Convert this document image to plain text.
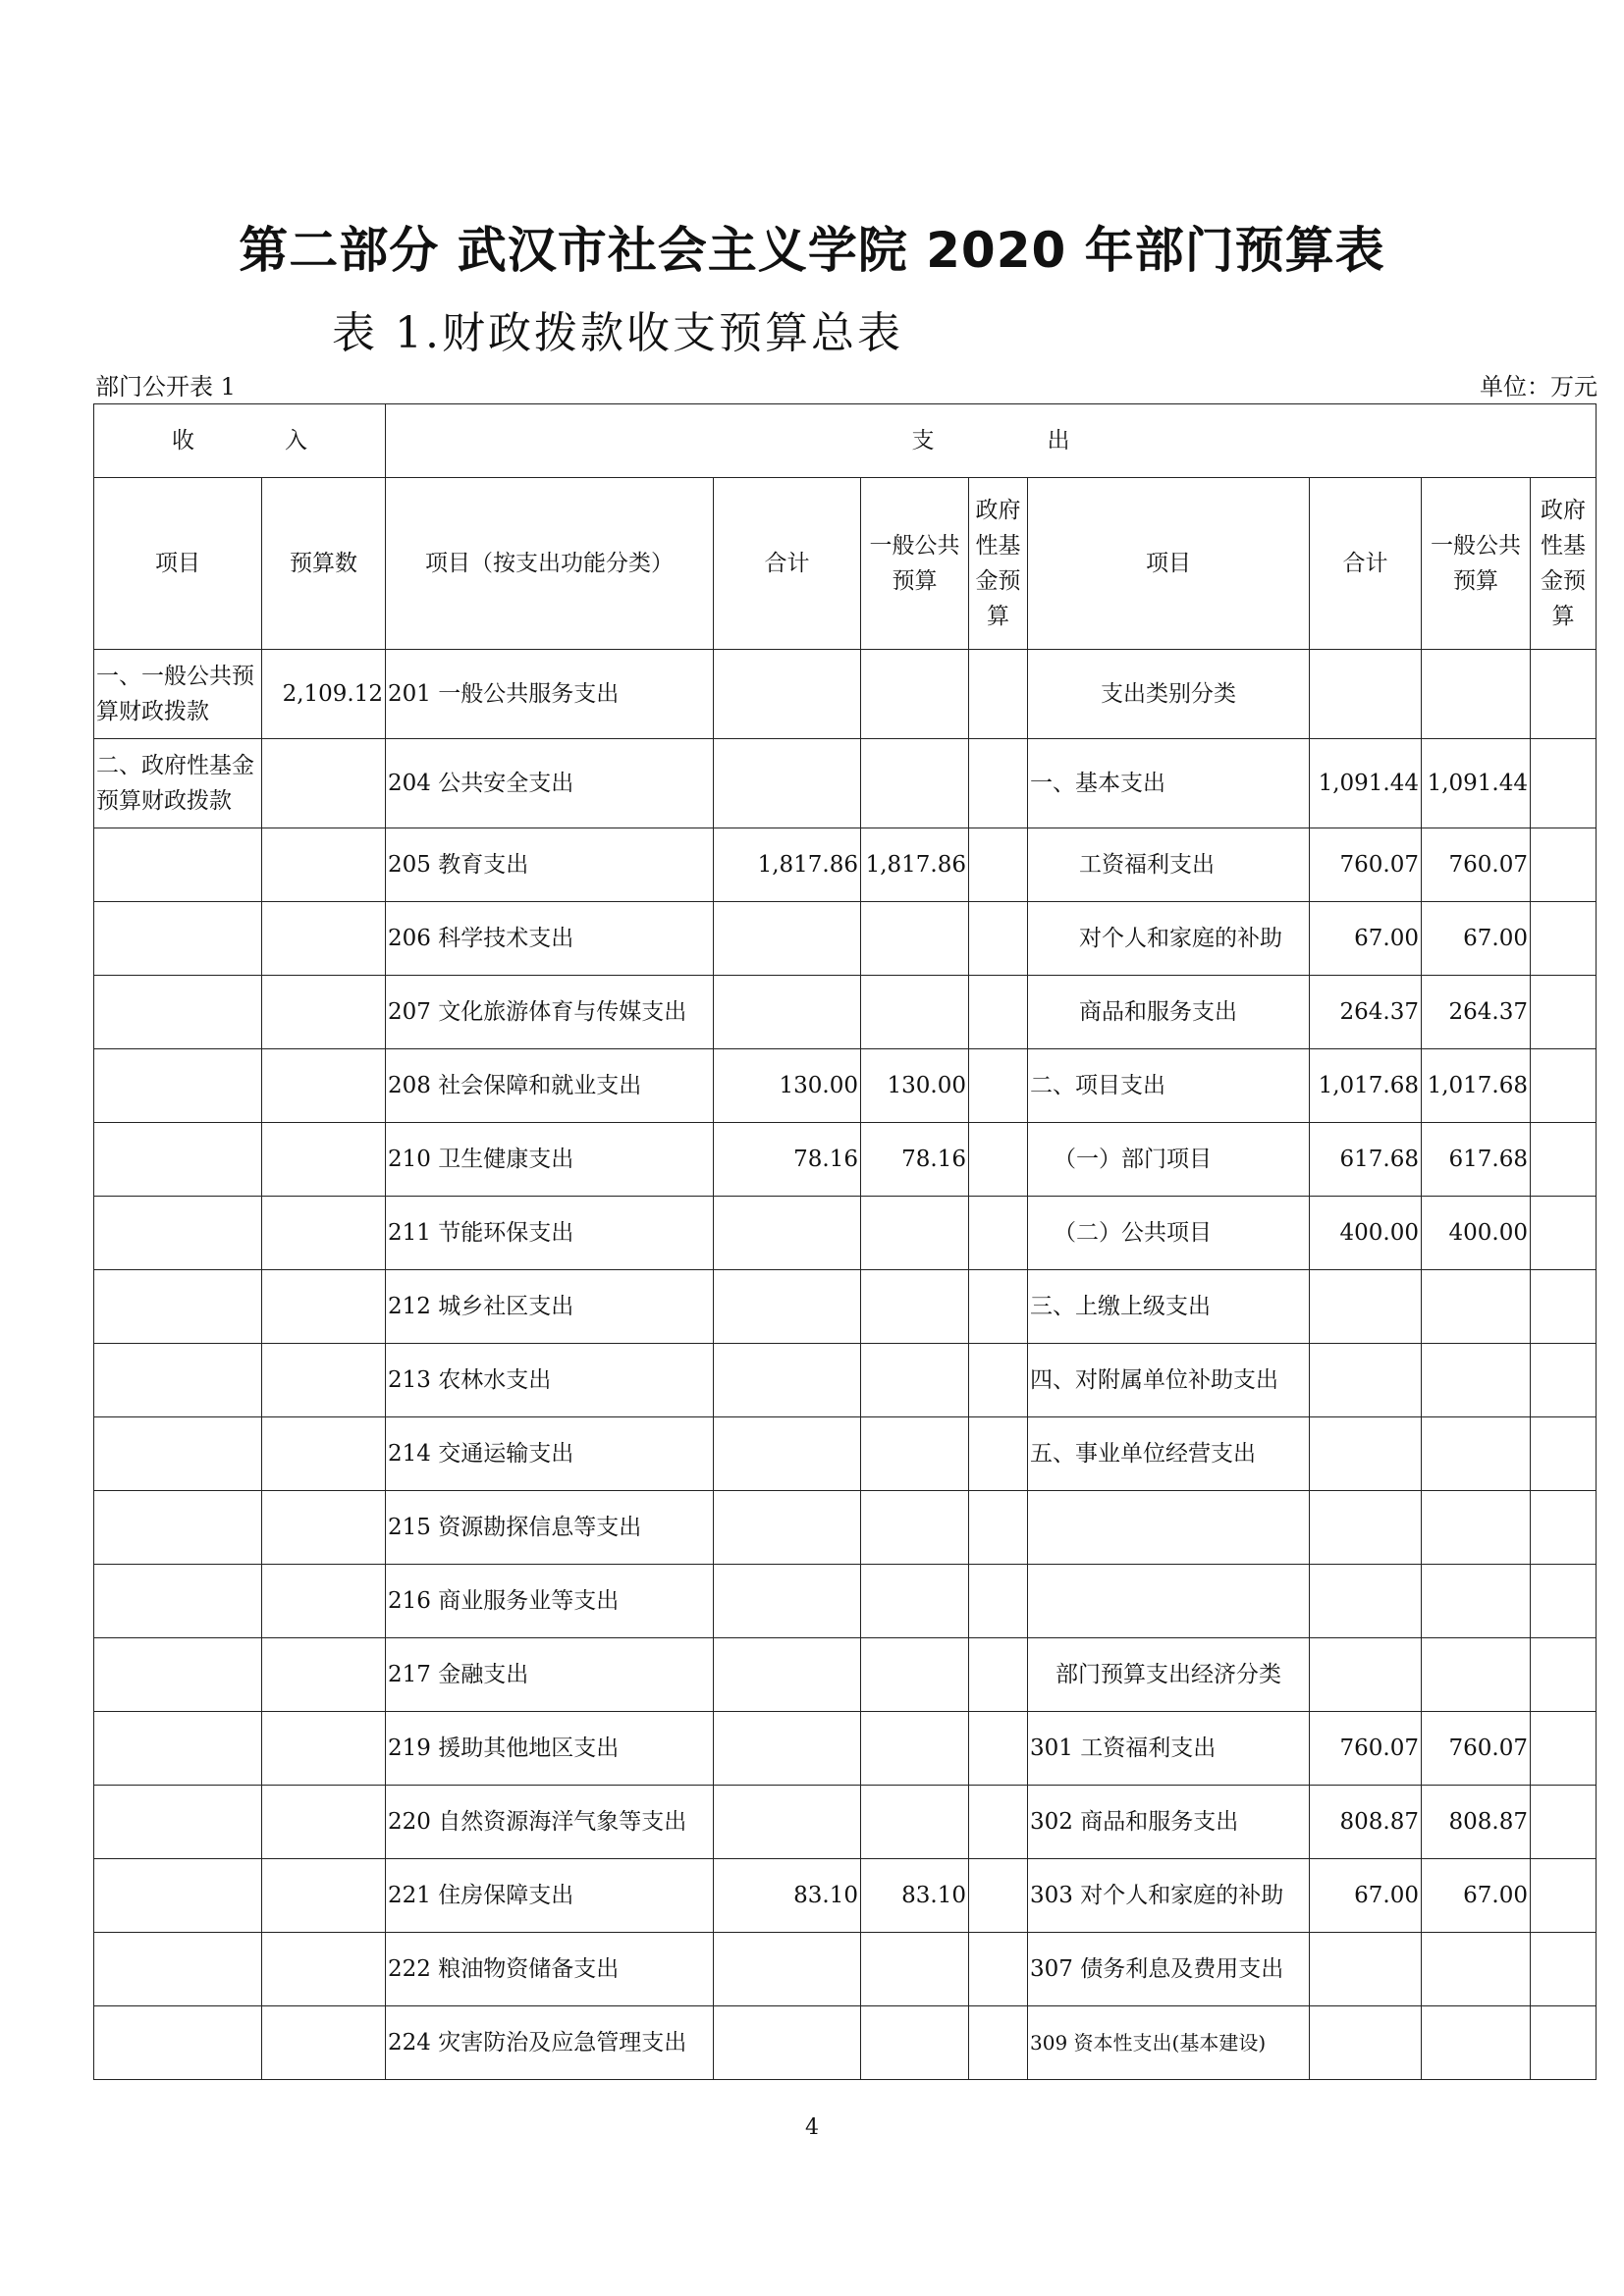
第二部分 武汉市社会主义学院 2020 年部门预算表
表 1.财政拨款收支预算总表
部门公开表 1	单位：万元
收　　　　入		支　　　　　出							
项目	预算数	项目（按支出功能分类）	合计	一般公共预算	政府性基金预算	项目	合计	一般公共预算	政府性基金预算
一、一般公共预算财政拨款	2,109.12	201 一般公共服务支出				支出类别分类			
二、政府性基金预算财政拨款		204 公共安全支出				一、基本支出	1,091.44	1,091.44	
		205 教育支出	1,817.86	1,817.86		工资福利支出	760.07	760.07	
		206 科学技术支出				对个人和家庭的补助	67.00	67.00	
		207 文化旅游体育与传媒支出				商品和服务支出	264.37	264.37	
		208 社会保障和就业支出	130.00	130.00		二、项目支出	1,017.68	1,017.68	
		210 卫生健康支出	78.16	78.16		（一）部门项目	617.68	617.68	
		211 节能环保支出				（二）公共项目	400.00	400.00	
		212 城乡社区支出				三、上缴上级支出			
		213 农林水支出				四、对附属单位补助支出			
		214 交通运输支出				五、事业单位经营支出			
		215 资源勘探信息等支出							
		216 商业服务业等支出							
		217 金融支出				部门预算支出经济分类			
		219 援助其他地区支出				301 工资福利支出	760.07	760.07	
		220 自然资源海洋气象等支出				302 商品和服务支出	808.87	808.87	
		221 住房保障支出	83.10	83.10		303 对个人和家庭的补助	67.00	67.00	
		222 粮油物资储备支出				307 债务利息及费用支出			
		224 灾害防治及应急管理支出				309 资本性支出(基本建设)			
4
